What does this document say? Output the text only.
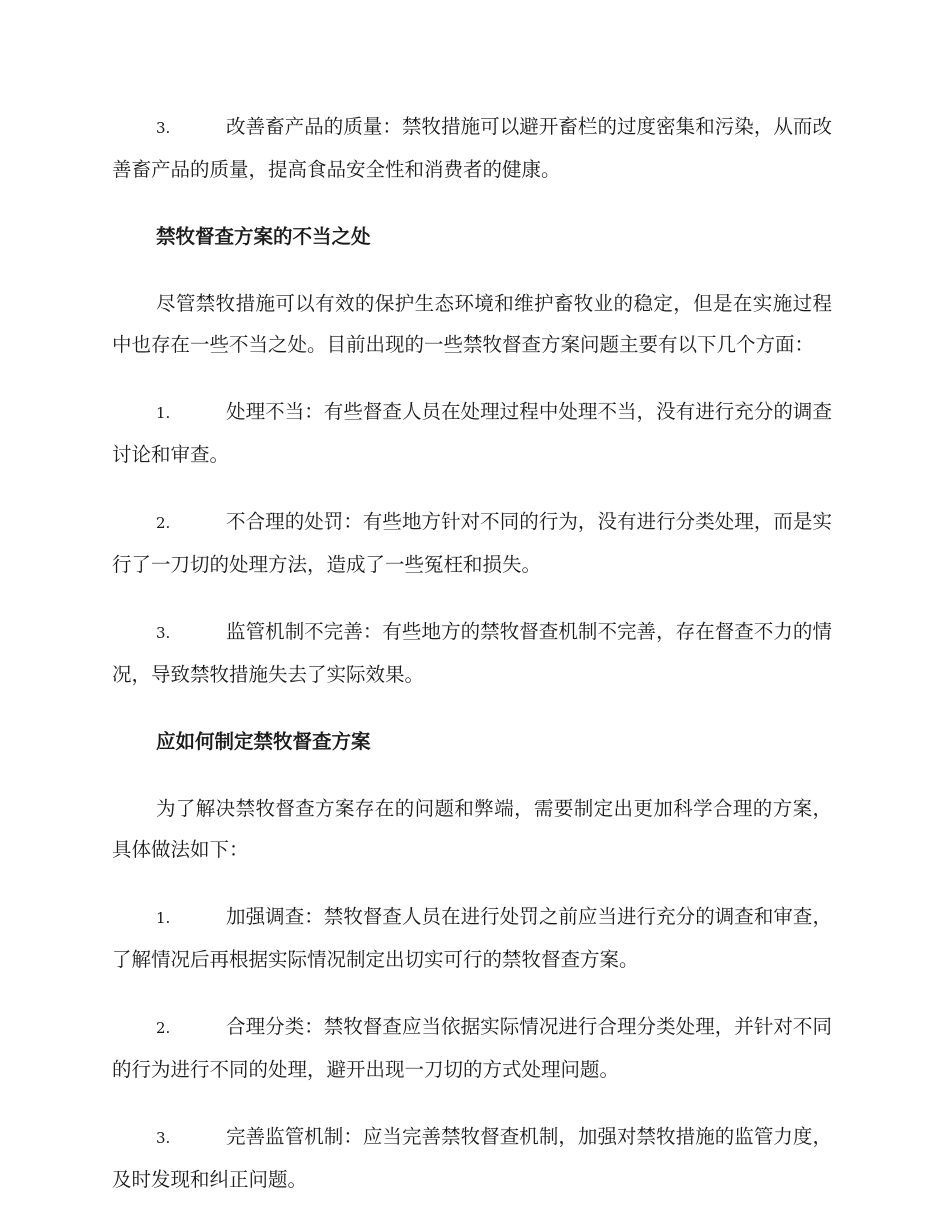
3.	改善畜产品的质量：禁牧措施可以避开畜栏的过度密集和污染，从而改善畜产品的质量，提高食品安全性和消费者的健康。

禁牧督查方案的不当之处

尽管禁牧措施可以有效的保护生态环境和维护畜牧业的稳定，但是在实施过程中也存在一些不当之处。目前出现的一些禁牧督查方案问题主要有以下几个方面：

1.	处理不当：有些督查人员在处理过程中处理不当，没有进行充分的调查讨论和审查。

2.	不合理的处罚：有些地方针对不同的行为，没有进行分类处理，而是实行了一刀切的处理方法，造成了一些冤枉和损失。

3.	监管机制不完善：有些地方的禁牧督查机制不完善，存在督查不力的情况，导致禁牧措施失去了实际效果。

应如何制定禁牧督查方案

为了解决禁牧督查方案存在的问题和弊端，需要制定出更加科学合理的方案，具体做法如下：

1.	加强调查：禁牧督查人员在进行处罚之前应当进行充分的调查和审查，了解情况后再根据实际情况制定出切实可行的禁牧督查方案。

2.	合理分类：禁牧督查应当依据实际情况进行合理分类处理，并针对不同的行为进行不同的处理，避开出现一刀切的方式处理问题。

3.	完善监管机制：应当完善禁牧督查机制，加强对禁牧措施的监管力度，及时发现和纠正问题。
